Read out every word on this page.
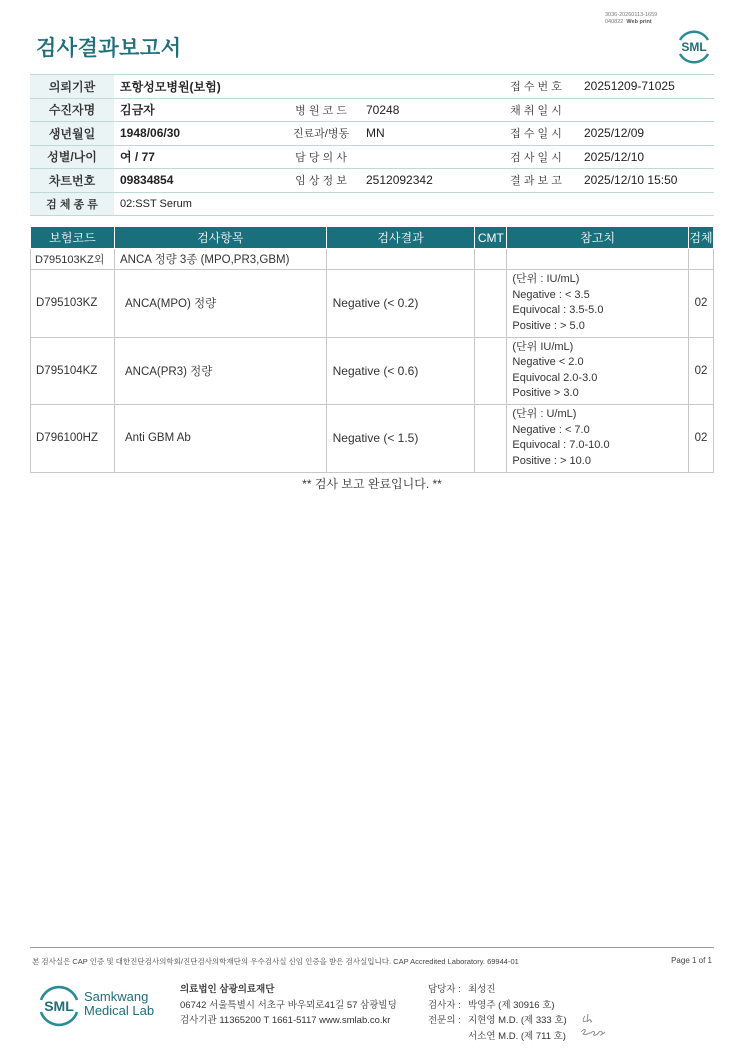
3036-20260113-1659
040822 Web print
검사결과보고서	SML
의뢰기관	포항성모병원(보험)			접 수 번 호	20251209-71025
수진자명	김금자	병 원 코 드	70248	채 취 일 시	
생년월일	1948/06/30	진료과/병동	MN	접 수 일 시	2025/12/09
성별/나이	여 / 77	담 당 의 사		검 사 일 시	2025/12/10
차트번호	09834854	임 상 정 보	2512092342	결 과 보 고	2025/12/10 15:50
검 체 종 류	02:SST Serum				
보험코드	검사항목	검사결과	CMT	참고치	검체
D795103KZ외	ANCA 정량 3종 (MPO,PR3,GBM)				
D795103KZ	ANCA(MPO) 정량	Negative (< 0.2)		(단위 : IU/mL)
Negative : < 3.5
Equivocal : 3.5-5.0
Positive : > 5.0	02
D795104KZ	ANCA(PR3) 정량	Negative (< 0.6)		(단위 IU/mL)
Negative < 2.0
Equivocal 2.0-3.0
Positive > 3.0	02
D796100HZ	Anti GBM Ab	Negative (< 1.5)		(단위 : U/mL)
Negative : < 7.0
Equivocal : 7.0-10.0
Positive : > 10.0	02
** 검사 보고 완료입니다. **
본 검사실은 CAP 인증 및 대한진단검사의학회/진단검사의학재단의 우수검사실 신임 인증을 받은 검사실입니다. CAP Accredited Laboratory. 69944-01	Page 1 of 1
SML
Samkwang
Medical Lab
의료법인 삼광의료재단
06742 서울특별시 서초구 바우뫼로41길 57 삼광빌딩
검사기관 11365200 T 1661-5117 www.smlab.co.kr
담당자 : 최성진
검사자 : 박영주 (제 30916 호)
전문의 : 지현영 M.D. (제 333 호)
서소연 M.D. (제 711 호)
